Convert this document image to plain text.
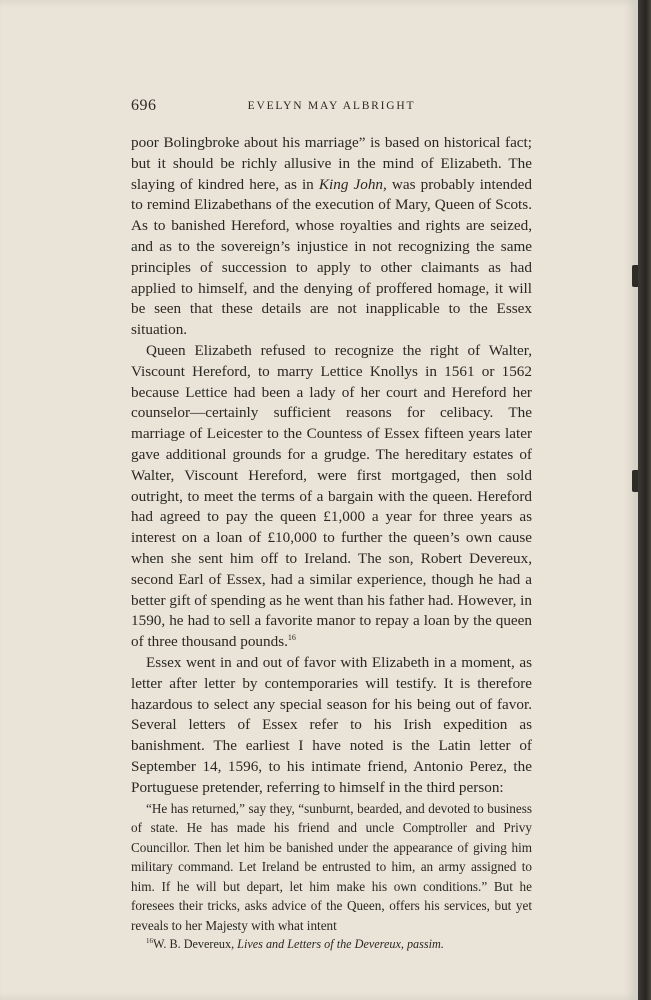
696	EVELYN MAY ALBRIGHT

poor Bolingbroke about his marriage” is based on historical fact; but it should be richly allusive in the mind of Elizabeth. The slaying of kindred here, as in King John, was probably intended to remind Elizabethans of the execution of Mary, Queen of Scots. As to banished Hereford, whose royalties and rights are seized, and as to the sovereign’s injustice in not recognizing the same principles of succession to apply to other claimants as had applied to himself, and the denying of proffered homage, it will be seen that these details are not inapplicable to the Essex situation.

Queen Elizabeth refused to recognize the right of Walter, Viscount Hereford, to marry Lettice Knollys in 1561 or 1562 because Lettice had been a lady of her court and Hereford her counselor—certainly sufficient reasons for celibacy. The marriage of Leicester to the Countess of Essex fifteen years later gave additional grounds for a grudge. The hereditary estates of Walter, Viscount Hereford, were first mortgaged, then sold outright, to meet the terms of a bargain with the queen. Hereford had agreed to pay the queen £1,000 a year for three years as interest on a loan of £10,000 to further the queen’s own cause when she sent him off to Ireland. The son, Robert Devereux, second Earl of Essex, had a similar experience, though he had a better gift of spending as he went than his father had. However, in 1590, he had to sell a favorite manor to repay a loan by the queen of three thousand pounds.$^{16}$

Essex went in and out of favor with Elizabeth in a moment, as letter after letter by contemporaries will testify. It is therefore hazardous to select any special season for his being out of favor. Several letters of Essex refer to his Irish expedition as banishment. The earliest I have noted is the Latin letter of September 14, 1596, to his intimate friend, Antonio Perez, the Portuguese pretender, referring to himself in the third person:

“He has returned,” say they, “sunburnt, bearded, and devoted to business of state. He has made his friend and uncle Comptroller and Privy Councillor. Then let him be banished under the appearance of giving him military command. Let Ireland be entrusted to him, an army assigned to him. If he will but depart, let him make his own conditions.” But he foresees their tricks, asks advice of the Queen, offers his services, but yet reveals to her Majesty with what intent

$^{16}$W. B. Devereux, Lives and Letters of the Devereux, passim.
